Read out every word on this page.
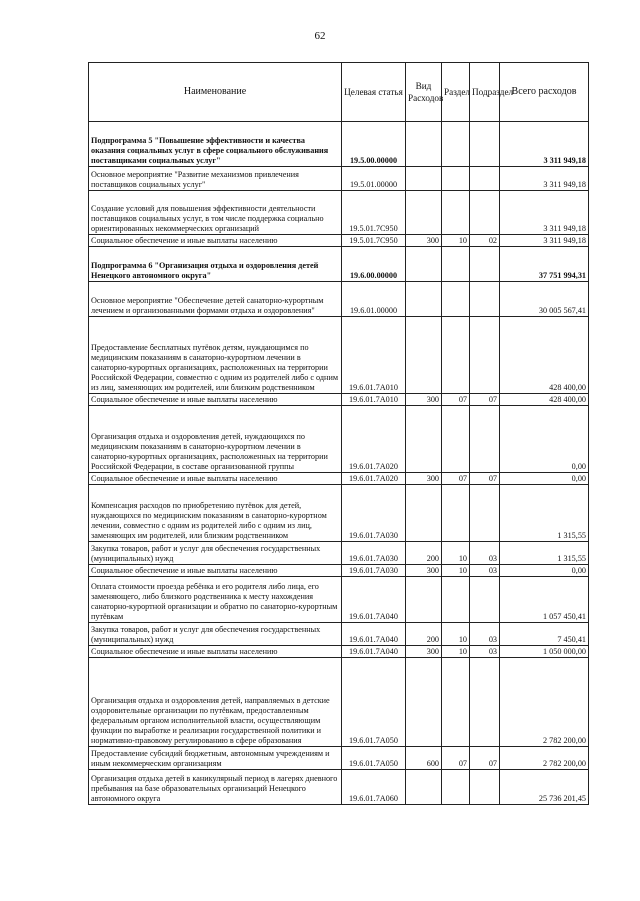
62
Наименование	Целевая статья	Вид Расходов	Раздел	Подраздел	Всего расходов
Подпрограмма 5 "Повышение эффективности и качества оказания социальных услуг в сфере социального обслуживания поставщиками социальных услуг"	19.5.00.00000				3 311 949,18
Основное мероприятие "Развитие механизмов привлечения поставщиков социальных услуг"	19.5.01.00000				3 311 949,18
Создание условий для повышения эффективности деятельности поставщиков социальных услуг, в том числе поддержка социально ориентированных некоммерческих организаций	19.5.01.7С950				3 311 949,18
Социальное обеспечение и иные выплаты населению	19.5.01.7С950	300	10	02	3 311 949,18
Подпрограмма 6 "Организация отдыха и оздоровления детей Ненецкого автономного округа"	19.6.00.00000				37 751 994,31
Основное мероприятие "Обеспечение детей санаторно-курортным лечением и организованными формами отдыха и оздоровления"	19.6.01.00000				30 005 567,41
Предоставление бесплатных путёвок детям, нуждающимся по медицинским показаниям в санаторно-курортном лечении в санаторно-курортных организациях, расположенных на территории Российской Федерации, совместно с одним из родителей либо с одним из лиц, заменяющих им родителей, или близким родственником	19.6.01.7А010				428 400,00
Социальное обеспечение и иные выплаты населению	19.6.01.7А010	300	07	07	428 400,00
Организация отдыха и оздоровления детей, нуждающихся по медицинским показаниям в санаторно-курортном лечении в санаторно-курортных организациях, расположенных на территории Российской Федерации, в составе организованной группы	19.6.01.7А020				0,00
Социальное обеспечение и иные выплаты населению	19.6.01.7А020	300	07	07	0,00
Компенсация расходов по приобретению путёвок для детей, нуждающихся по медицинским показаниям в санаторно-курортном лечении, совместно с одним из родителей либо с одним из лиц, заменяющих им родителей, или близким родственником	19.6.01.7А030				1 315,55
Закупка товаров, работ и услуг для обеспечения государственных (муниципальных) нужд	19.6.01.7А030	200	10	03	1 315,55
Социальное обеспечение и иные выплаты населению	19.6.01.7А030	300	10	03	0,00
Оплата стоимости проезда ребёнка и его родителя либо лица, его заменяющего, либо близкого родственника к месту нахождения санаторно-курортной организации и обратно по санаторно-курортным путёвкам	19.6.01.7А040				1 057 450,41
Закупка товаров, работ и услуг для обеспечения государственных (муниципальных) нужд	19.6.01.7А040	200	10	03	7 450,41
Социальное обеспечение и иные выплаты населению	19.6.01.7А040	300	10	03	1 050 000,00
Организация отдыха и оздоровления детей, направляемых в детские оздоровительные организации по путёвкам, предоставленным федеральным органом исполнительной власти, осуществляющим функции по выработке и реализации государственной политики и нормативно-правовому регулированию в сфере образования	19.6.01.7А050				2 782 200,00
Предоставление субсидий бюджетным, автономным учреждениям и иным некоммерческим организациям	19.6.01.7А050	600	07	07	2 782 200,00
Организация отдыха детей в каникулярный период в лагерях дневного пребывания на базе образовательных организаций Ненецкого автономного округа	19.6.01.7А060				25 736 201,45
